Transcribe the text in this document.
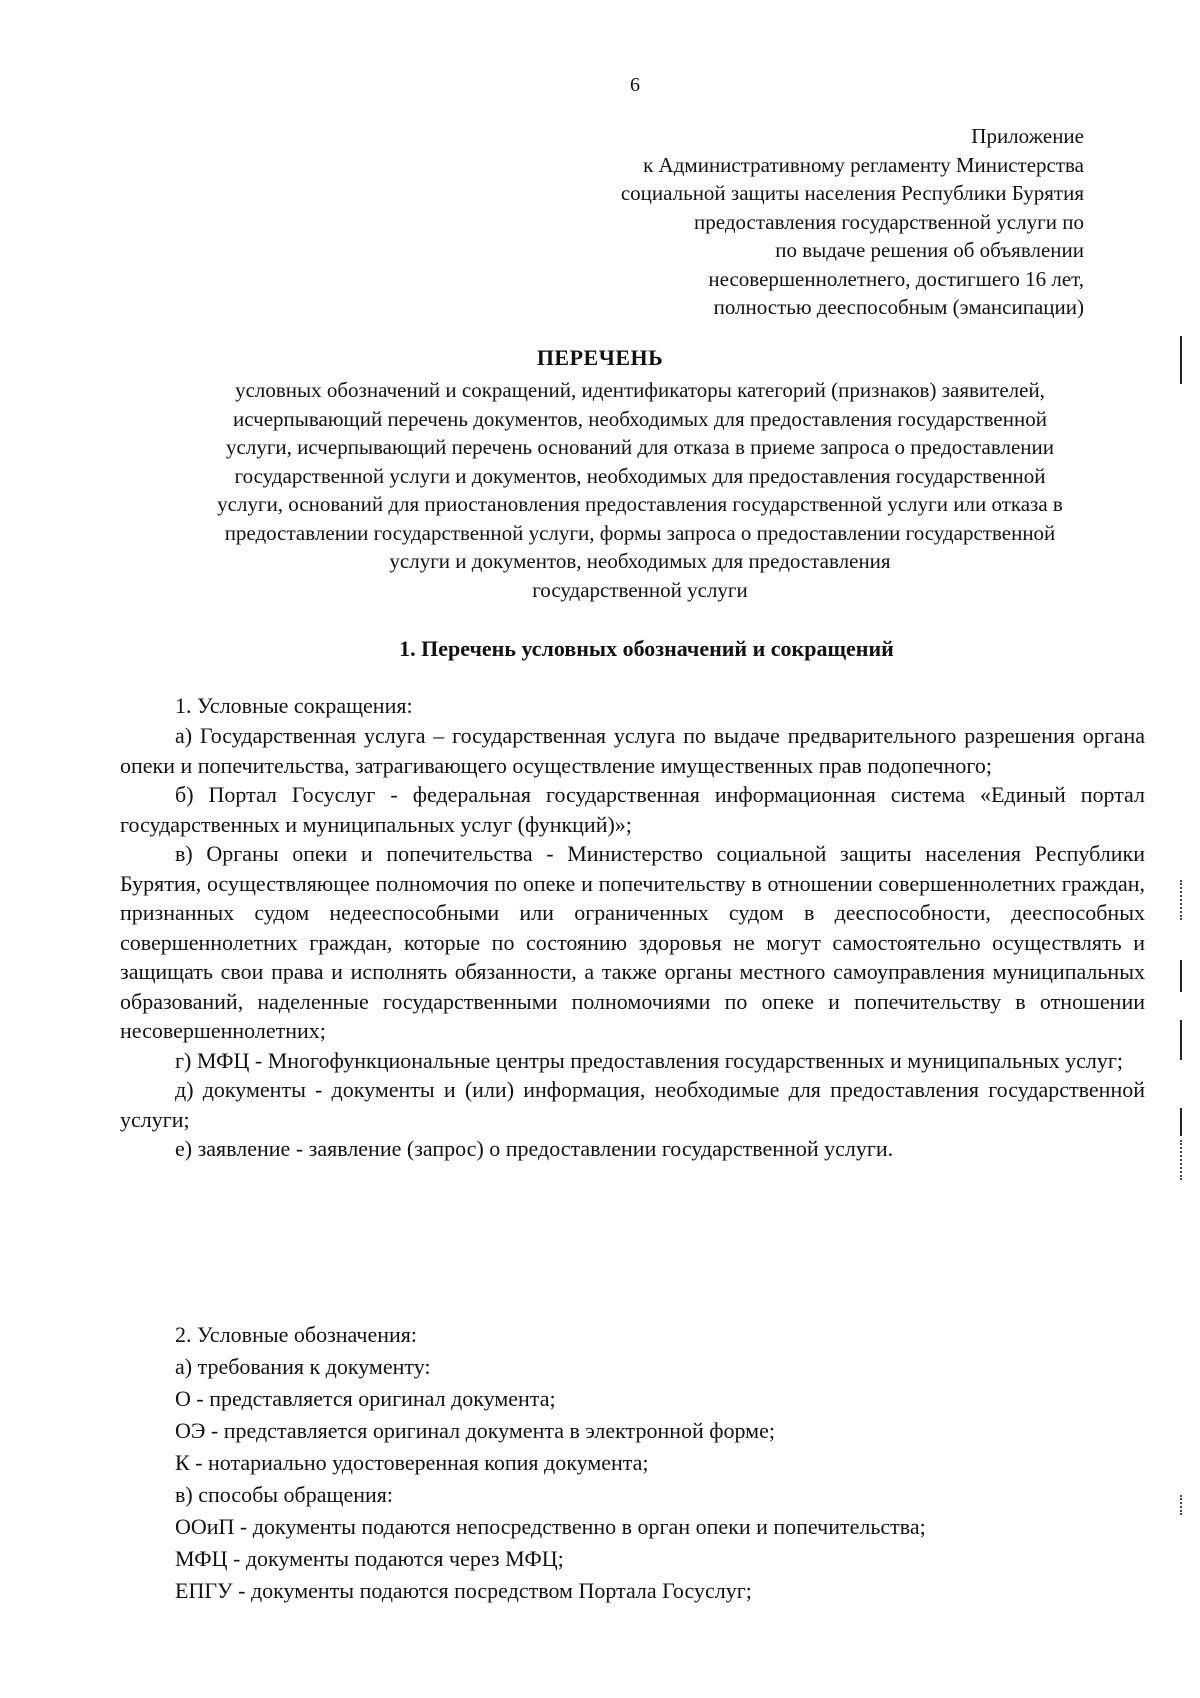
6
Приложение
к Административному регламенту Министерства
социальной защиты населения Республики Бурятия
предоставления государственной услуги по
по выдаче решения об объявлении
несовершеннолетнего, достигшего 16 лет,
полностью дееспособным (эмансипации)
ПЕРЕЧЕНЬ
условных обозначений и сокращений, идентификаторы категорий (признаков) заявителей,
исчерпывающий перечень документов, необходимых для предоставления государственной
услуги, исчерпывающий перечень оснований для отказа в приеме запроса о предоставлении
государственной услуги и документов, необходимых для предоставления государственной
услуги, оснований для приостановления предоставления государственной услуги или отказа в
предоставлении государственной услуги, формы запроса о предоставлении государственной
услуги и документов, необходимых для предоставления
государственной услуги
1. Перечень условных обозначений и сокращений

1. Условные сокращения:

а) Государственная услуга – государственная услуга по выдаче предварительного разрешения органа опеки и попечительства, затрагивающего осуществление имущественных прав подопечного;

б) Портал Госуслуг - федеральная государственная информационная система «Единый портал государственных и муниципальных услуг (функций)»;

в) Органы опеки и попечительства - Министерство социальной защиты населения Республики Бурятия, осуществляющее полномочия по опеке и попечительству в отношении совершеннолетних граждан, признанных судом недееспособными или ограниченных судом в дееспособности, дееспособных совершеннолетних граждан, которые по состоянию здоровья не могут самостоятельно осуществлять и защищать свои права и исполнять обязанности, а также органы местного самоуправления муниципальных образований, наделенные государственными полномочиями по опеке и попечительству в отношении несовершеннолетних;

г) МФЦ - Многофункциональные центры предоставления государственных и муниципальных услуг;

д) документы - документы и (или) информация, необходимые для предоставления государственной услуги;

е) заявление - заявление (запрос) о предоставлении государственной услуги.

2. Условные обозначения:

а) требования к документу:

О - представляется оригинал документа;

ОЭ - представляется оригинал документа в электронной форме;

К - нотариально удостоверенная копия документа;

в) способы обращения:

ООиП - документы подаются непосредственно в орган опеки и попечительства;

МФЦ - документы подаются через МФЦ;

ЕПГУ - документы подаются посредством Портала Госуслуг;
